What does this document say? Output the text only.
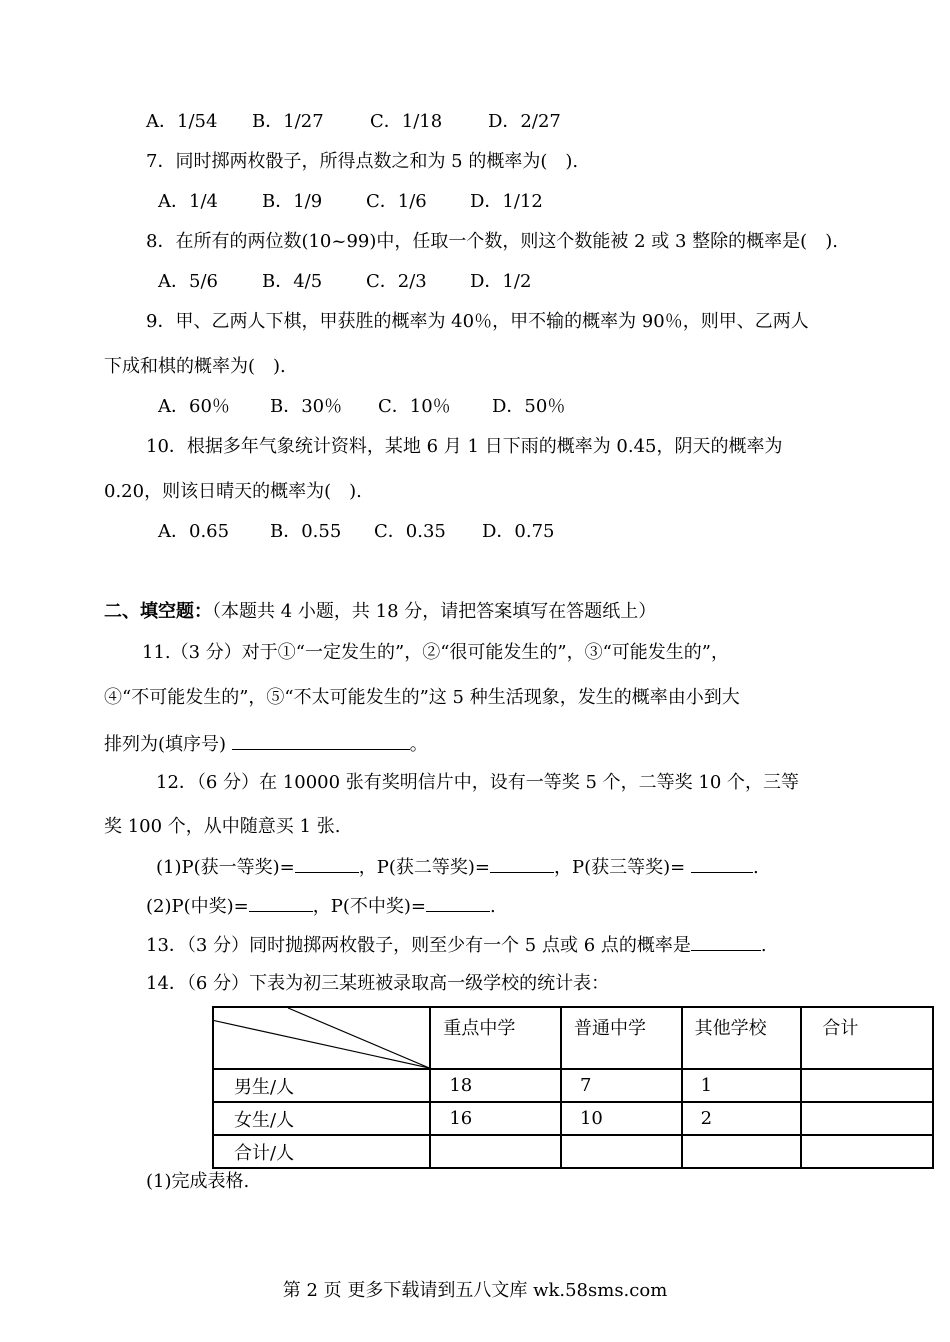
A．1/54 B．1/27	C．1/18	D．2/27
7．同时掷两枚骰子，所得点数之和为 5 的概率为(　).
A．1/4 B．1/9 C．1/6 D．1/12
8．在所有的两位数(10~99)中，任取一个数，则这个数能被 2 或 3 整除的概率是(　).
A．5/6 B．4/5 C．2/3 D．1/2
9．甲、乙两人下棋，甲获胜的概率为 40％，甲不输的概率为 90％，则甲、乙两人
下成和棋的概率为(　).
A．60％ B．30％ C．10％ D．50％
10．根据多年气象统计资料，某地 6 月 1 日下雨的概率为 0.45，阴天的概率为
0.20，则该日晴天的概率为(　).
A．0.65 B．0.55 C．0.35 D．0.75
二、填空题：（本题共 4 小题，共 18 分，请把答案填写在答题纸上）
11.（3 分）对于①“一定发生的”，②“很可能发生的”，③“可能发生的”，
④“不可能发生的”，⑤“不太可能发生的”这 5 种生活现象，发生的概率由小到大
排列为(填序号)	。
12．（6 分）在 10000 张有奖明信片中，设有一等奖 5 个，二等奖 10 个，三等
奖 100 个，从中随意买 1 张.
(1)P(获一等奖)=	，P(获二等奖)=	，P(获三等奖)=	.
(2)P(中奖)=	，P(不中奖)=	.
13．（3 分）同时抛掷两枚骰子，则至少有一个 5 点或 6 点的概率是	.
14．（6 分）下表为初三某班被录取高一级学校的统计表：
	重点中学	普通中学	其他学校	合计
男生/人	18	7	1	
女生/人	16	10	2	
合计/人				
(1)完成表格.
第 2 页 更多下载请到五八文库 wk.58sms.com
